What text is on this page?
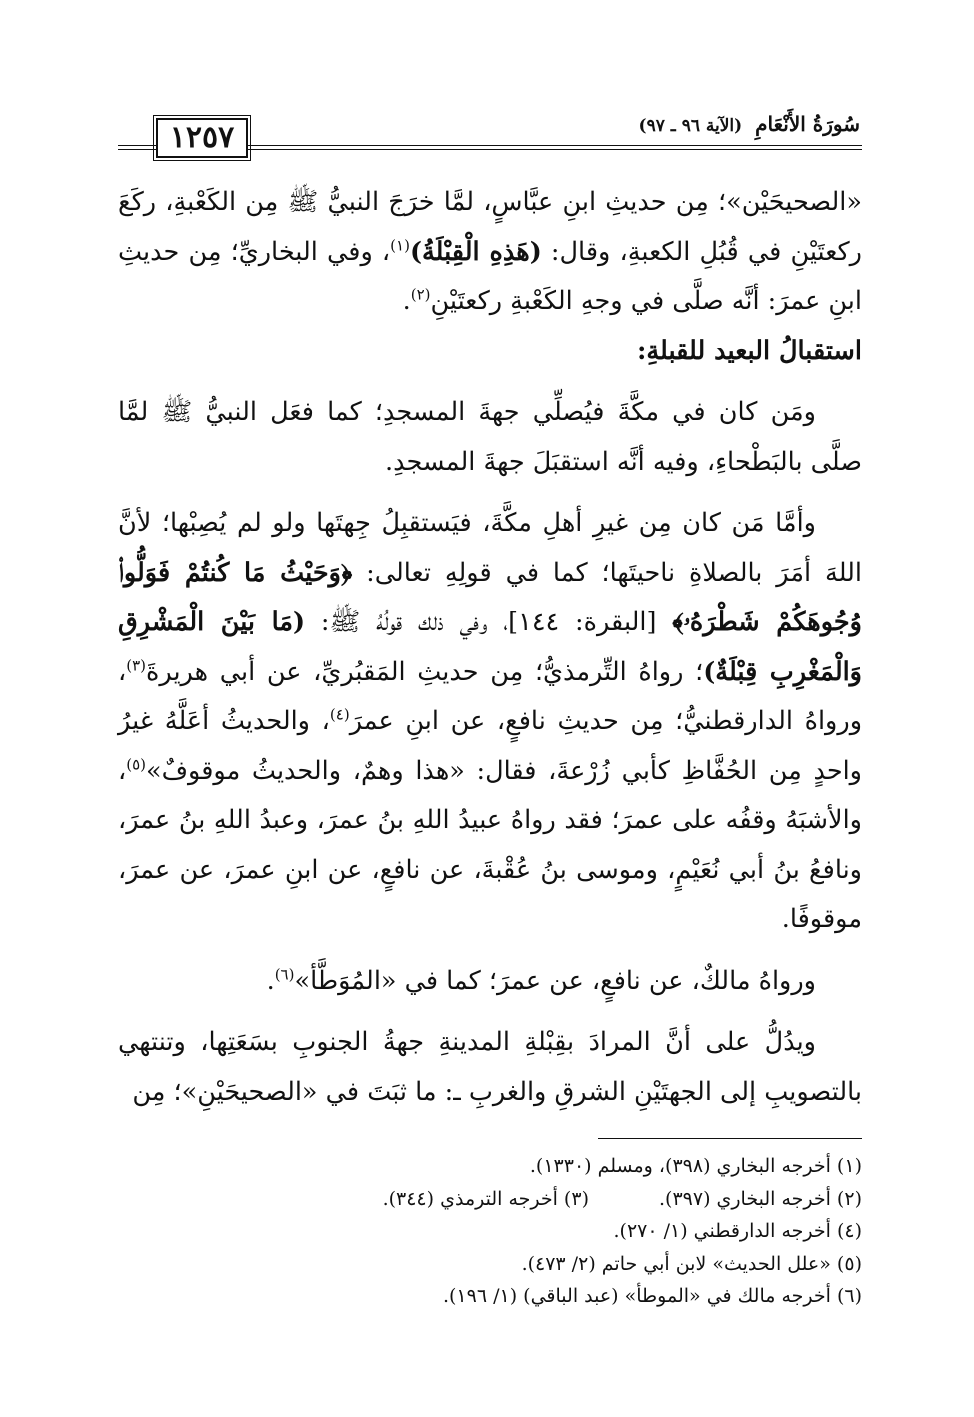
١٢٥٧	سُورَةُ الأَنْعَامِ (الآية ٩٦ ـ ٩٧)

«الصحيحَيْن»؛ مِن حديثِ ابنِ عبَّاسٍ، لمَّا خرَجَ النبيُّ ﷺ مِن الكَعْبةِ، ركَعَ ركعتَيْنِ في قُبُلِ الكعبةِ، وقال: (هَذِهِ الْقِبْلَةُ)$^{(١)}$، وفي البخاريِّ؛ مِن حديثِ ابنِ عمرَ: أنَّه صلَّى في وجهِ الكَعْبةِ ركعتَيْنِ$^{(٢)}$.

استقبالُ البعيد للقبلةِ:

ومَن كان في مكَّةَ فيُصلِّي جهةَ المسجدِ؛ كما فعَل النبيُّ ﷺ لمَّا صلَّى بالبَطْحاءِ، وفيه أنَّه استقبَلَ جهةَ المسجدِ.

وأمَّا مَن كان مِن غيرِ أهلِ مكَّةَ، فيَستقبِلُ جِهتَها ولو لم يُصِبْها؛ لأنَّ اللهَ أمَرَ بالصلاةِ ناحيتَها؛ كما في قولِهِ تعالى: ﴿وَحَيْثُ مَا كُنتُمْ فَوَلُّوا۟ وُجُوهَكُمْ شَطْرَهُۥ﴾ [البقرة: ١٤٤]، وفي ذلك قولُهُ ﷺ: (مَا بَيْنَ الْمَشْرِقِ وَالْمَغْرِبِ قِبْلَةٌ)؛ رواهُ التِّرمذيُّ؛ مِن حديثِ المَقبُريِّ، عن أبي هريرةَ$^{(٣)}$، ورواهُ الدارقطنيُّ؛ مِن حديثِ نافعٍ، عن ابنِ عمرَ$^{(٤)}$، والحديثُ أعَلَّهُ غيرُ واحدٍ مِن الحُفَّاظِ كأبي زُرْعةَ، فقال: «هذا وهمٌ، والحديثُ موقوفٌ»$^{(٥)}$، والأشبَهُ وقفُه على عمرَ؛ فقد رواهُ عبيدُ اللهِ بنُ عمرَ، وعبدُ اللهِ بنُ عمرَ، ونافعُ بنُ أبي نُعَيْمٍ، وموسى بنُ عُقْبةَ، عن نافعٍ، عن ابنِ عمرَ، عن عمرَ، موقوفًا.

ورواهُ مالكٌ، عن نافعٍ، عن عمرَ؛ كما في «المُوَطَّأ»$^{(٦)}$.

ويدُلُّ على أنَّ المرادَ بقِبْلةِ المدينةِ جهةُ الجنوبِ بسَعَتِها، وتنتهي بالتصويبِ إلى الجهتَيْنِ الشرقِ والغربِ ـ: ما ثبَتَ في «الصحيحَيْنِ»؛ مِن

(١) أخرجه البخاري (٣٩٨)، ومسلم (١٣٣٠).
(٢) أخرجه البخاري (٣٩٧).
(٣) أخرجه الترمذي (٣٤٤).
(٤) أخرجه الدارقطني (١/ ٢٧٠).
(٥) «علل الحديث» لابن أبي حاتم (٢/ ٤٧٣).
(٦) أخرجه مالك في «الموطأ» (عبد الباقي) (١/ ١٩٦).
